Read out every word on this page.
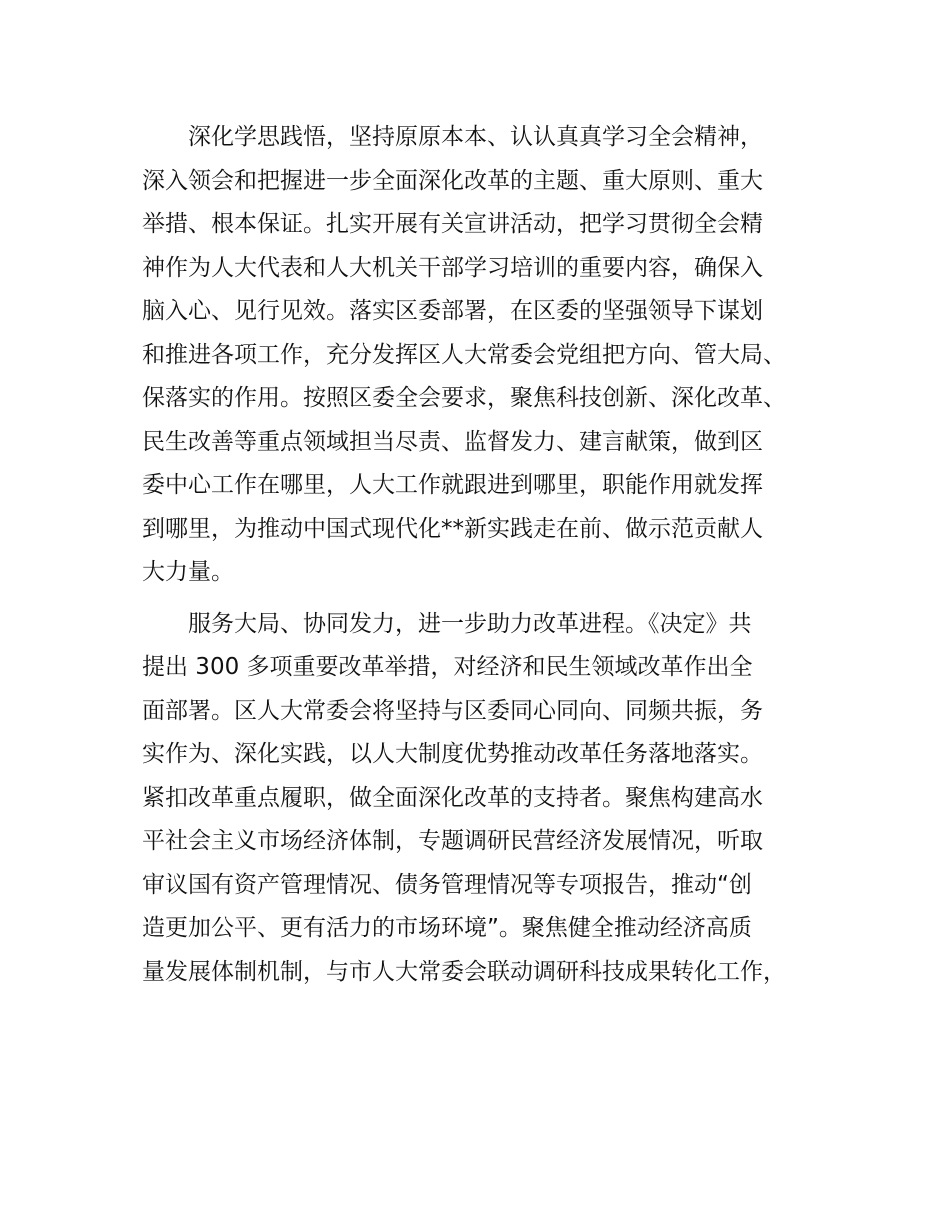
深化学思践悟，坚持原原本本、认认真真学习全会精神，
深入领会和把握进一步全面深化改革的主题、重大原则、重大
举措、根本保证。扎实开展有关宣讲活动，把学习贯彻全会精
神作为人大代表和人大机关干部学习培训的重要内容，确保入
脑入心、见行见效。落实区委部署，在区委的坚强领导下谋划
和推进各项工作，充分发挥区人大常委会党组把方向、管大局、
保落实的作用。按照区委全会要求，聚焦科技创新、深化改革、
民生改善等重点领域担当尽责、监督发力、建言献策，做到区
委中心工作在哪里，人大工作就跟进到哪里，职能作用就发挥
到哪里，为推动中国式现代化**新实践走在前、做示范贡献人
大力量。

服务大局、协同发力，进一步助力改革进程。《决定》共
提出 300 多项重要改革举措，对经济和民生领域改革作出全
面部署。区人大常委会将坚持与区委同心同向、同频共振，务
实作为、深化实践，以人大制度优势推动改革任务落地落实。
紧扣改革重点履职，做全面深化改革的支持者。聚焦构建高水
平社会主义市场经济体制，专题调研民营经济发展情况，听取
审议国有资产管理情况、债务管理情况等专项报告，推动“创
造更加公平、更有活力的市场环境”。聚焦健全推动经济高质
量发展体制机制，与市人大常委会联动调研科技成果转化工作，
